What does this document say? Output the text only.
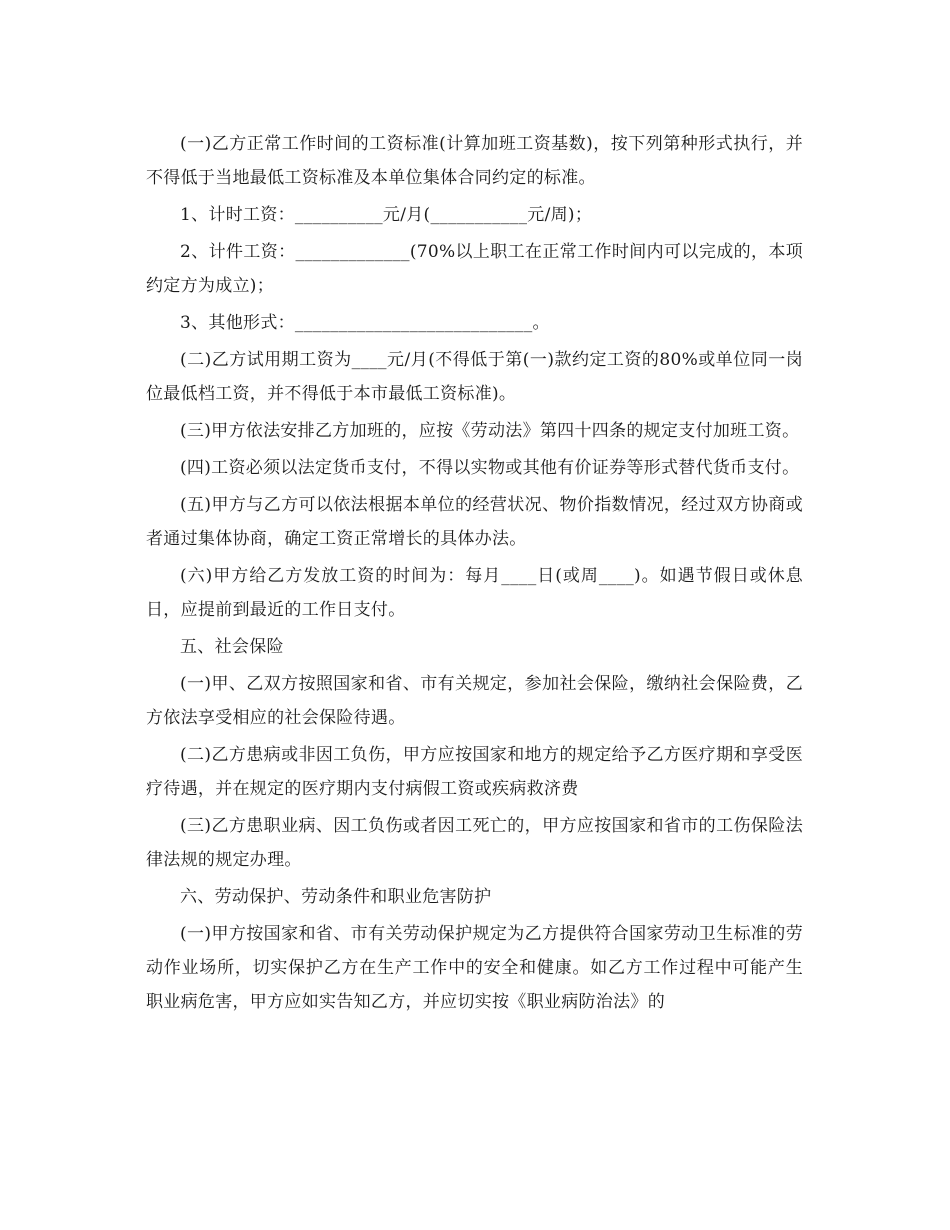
(一)乙方正常工作时间的工资标准(计算加班工资基数)，按下列第种形式执行，并不得低于当地最低工资标准及本单位集体合同约定的标准。

1、计时工资：__________元/月(___________元/周)；

2、计件工资：_____________(70%以上职工在正常工作时间内可以完成的，本项约定方为成立)；

3、其他形式：___________________________。

(二)乙方试用期工资为____元/月(不得低于第(一)款约定工资的80%或单位同一岗位最低档工资，并不得低于本市最低工资标准)。

(三)甲方依法安排乙方加班的，应按《劳动法》第四十四条的规定支付加班工资。

(四)工资必须以法定货币支付，不得以实物或其他有价证券等形式替代货币支付。

(五)甲方与乙方可以依法根据本单位的经营状况、物价指数情况，经过双方协商或者通过集体协商，确定工资正常增长的具体办法。

(六)甲方给乙方发放工资的时间为：每月____日(或周____)。如遇节假日或休息日，应提前到最近的工作日支付。

五、社会保险

(一)甲、乙双方按照国家和省、市有关规定，参加社会保险，缴纳社会保险费，乙方依法享受相应的社会保险待遇。

(二)乙方患病或非因工负伤，甲方应按国家和地方的规定给予乙方医疗期和享受医疗待遇，并在规定的医疗期内支付病假工资或疾病救济费

(三)乙方患职业病、因工负伤或者因工死亡的，甲方应按国家和省市的工伤保险法律法规的规定办理。

六、劳动保护、劳动条件和职业危害防护

(一)甲方按国家和省、市有关劳动保护规定为乙方提供符合国家劳动卫生标准的劳动作业场所，切实保护乙方在生产工作中的安全和健康。如乙方工作过程中可能产生职业病危害，甲方应如实告知乙方，并应切实按《职业病防治法》的
